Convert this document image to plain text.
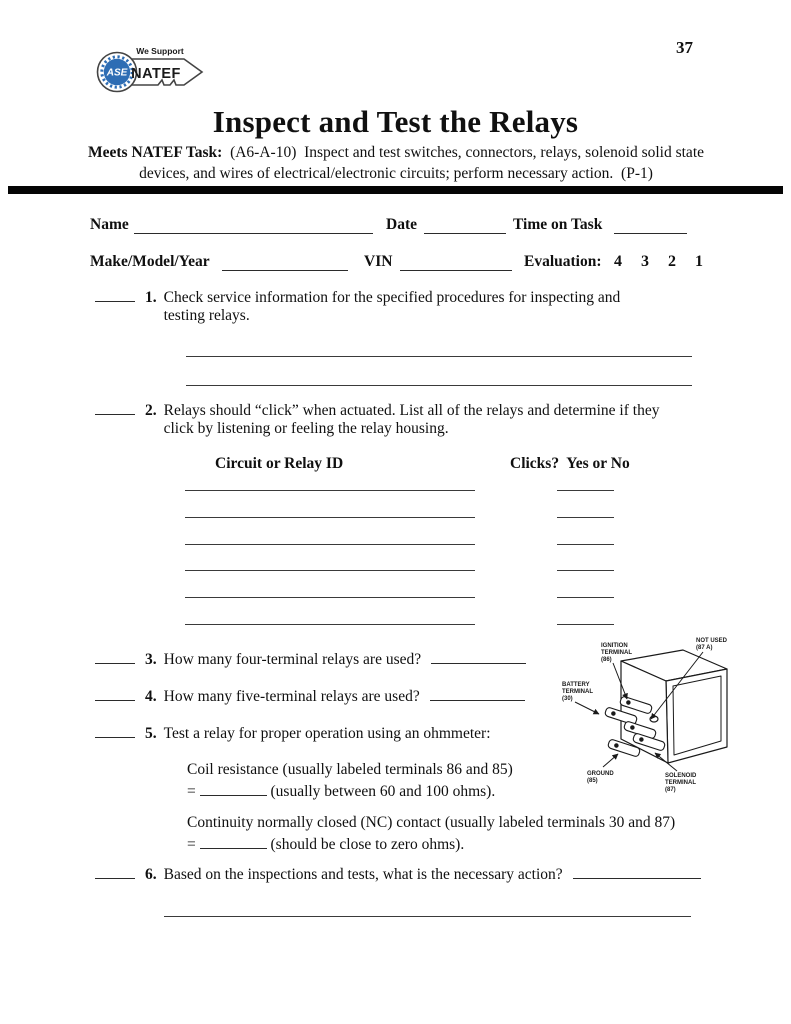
ASE
We Support
NATEF
37
Inspect and Test the Relays
Meets NATEF Task:  (A6-A-10)  Inspect and test switches, connectors, relays, solenoid solid state devices, and wires of electrical/electronic circuits; perform necessary action.  (P-1)
Name	Date	Time on Task
Make/Model/Year	VIN	Evaluation: 4 3 2 1
1. Check service information for the specified procedures for inspecting and testing relays.
2. Relays should “click” when actuated. List all of the relays and determine if they click by listening or feeling the relay housing.
Circuit or Relay ID	Clicks?  Yes or No
3. How many four-terminal relays are used?
4. How many five-terminal relays are used?
5. Test a relay for proper operation using an ohmmeter:
Coil resistance (usually labeled terminals 86 and 85)
=	(usually between 60 and 100 ohms).
Continuity normally closed (NC) contact (usually labeled terminals 30 and 87)
=	(should be close to zero ohms).
6. Based on the inspections and tests, what is the necessary action?
IGNITION
TERMINAL
(86)
NOT USED
(87 A)
BATTERY
TERMINAL
(30)
GROUND
(85)
SOLENOID
TERMINAL
(87)
